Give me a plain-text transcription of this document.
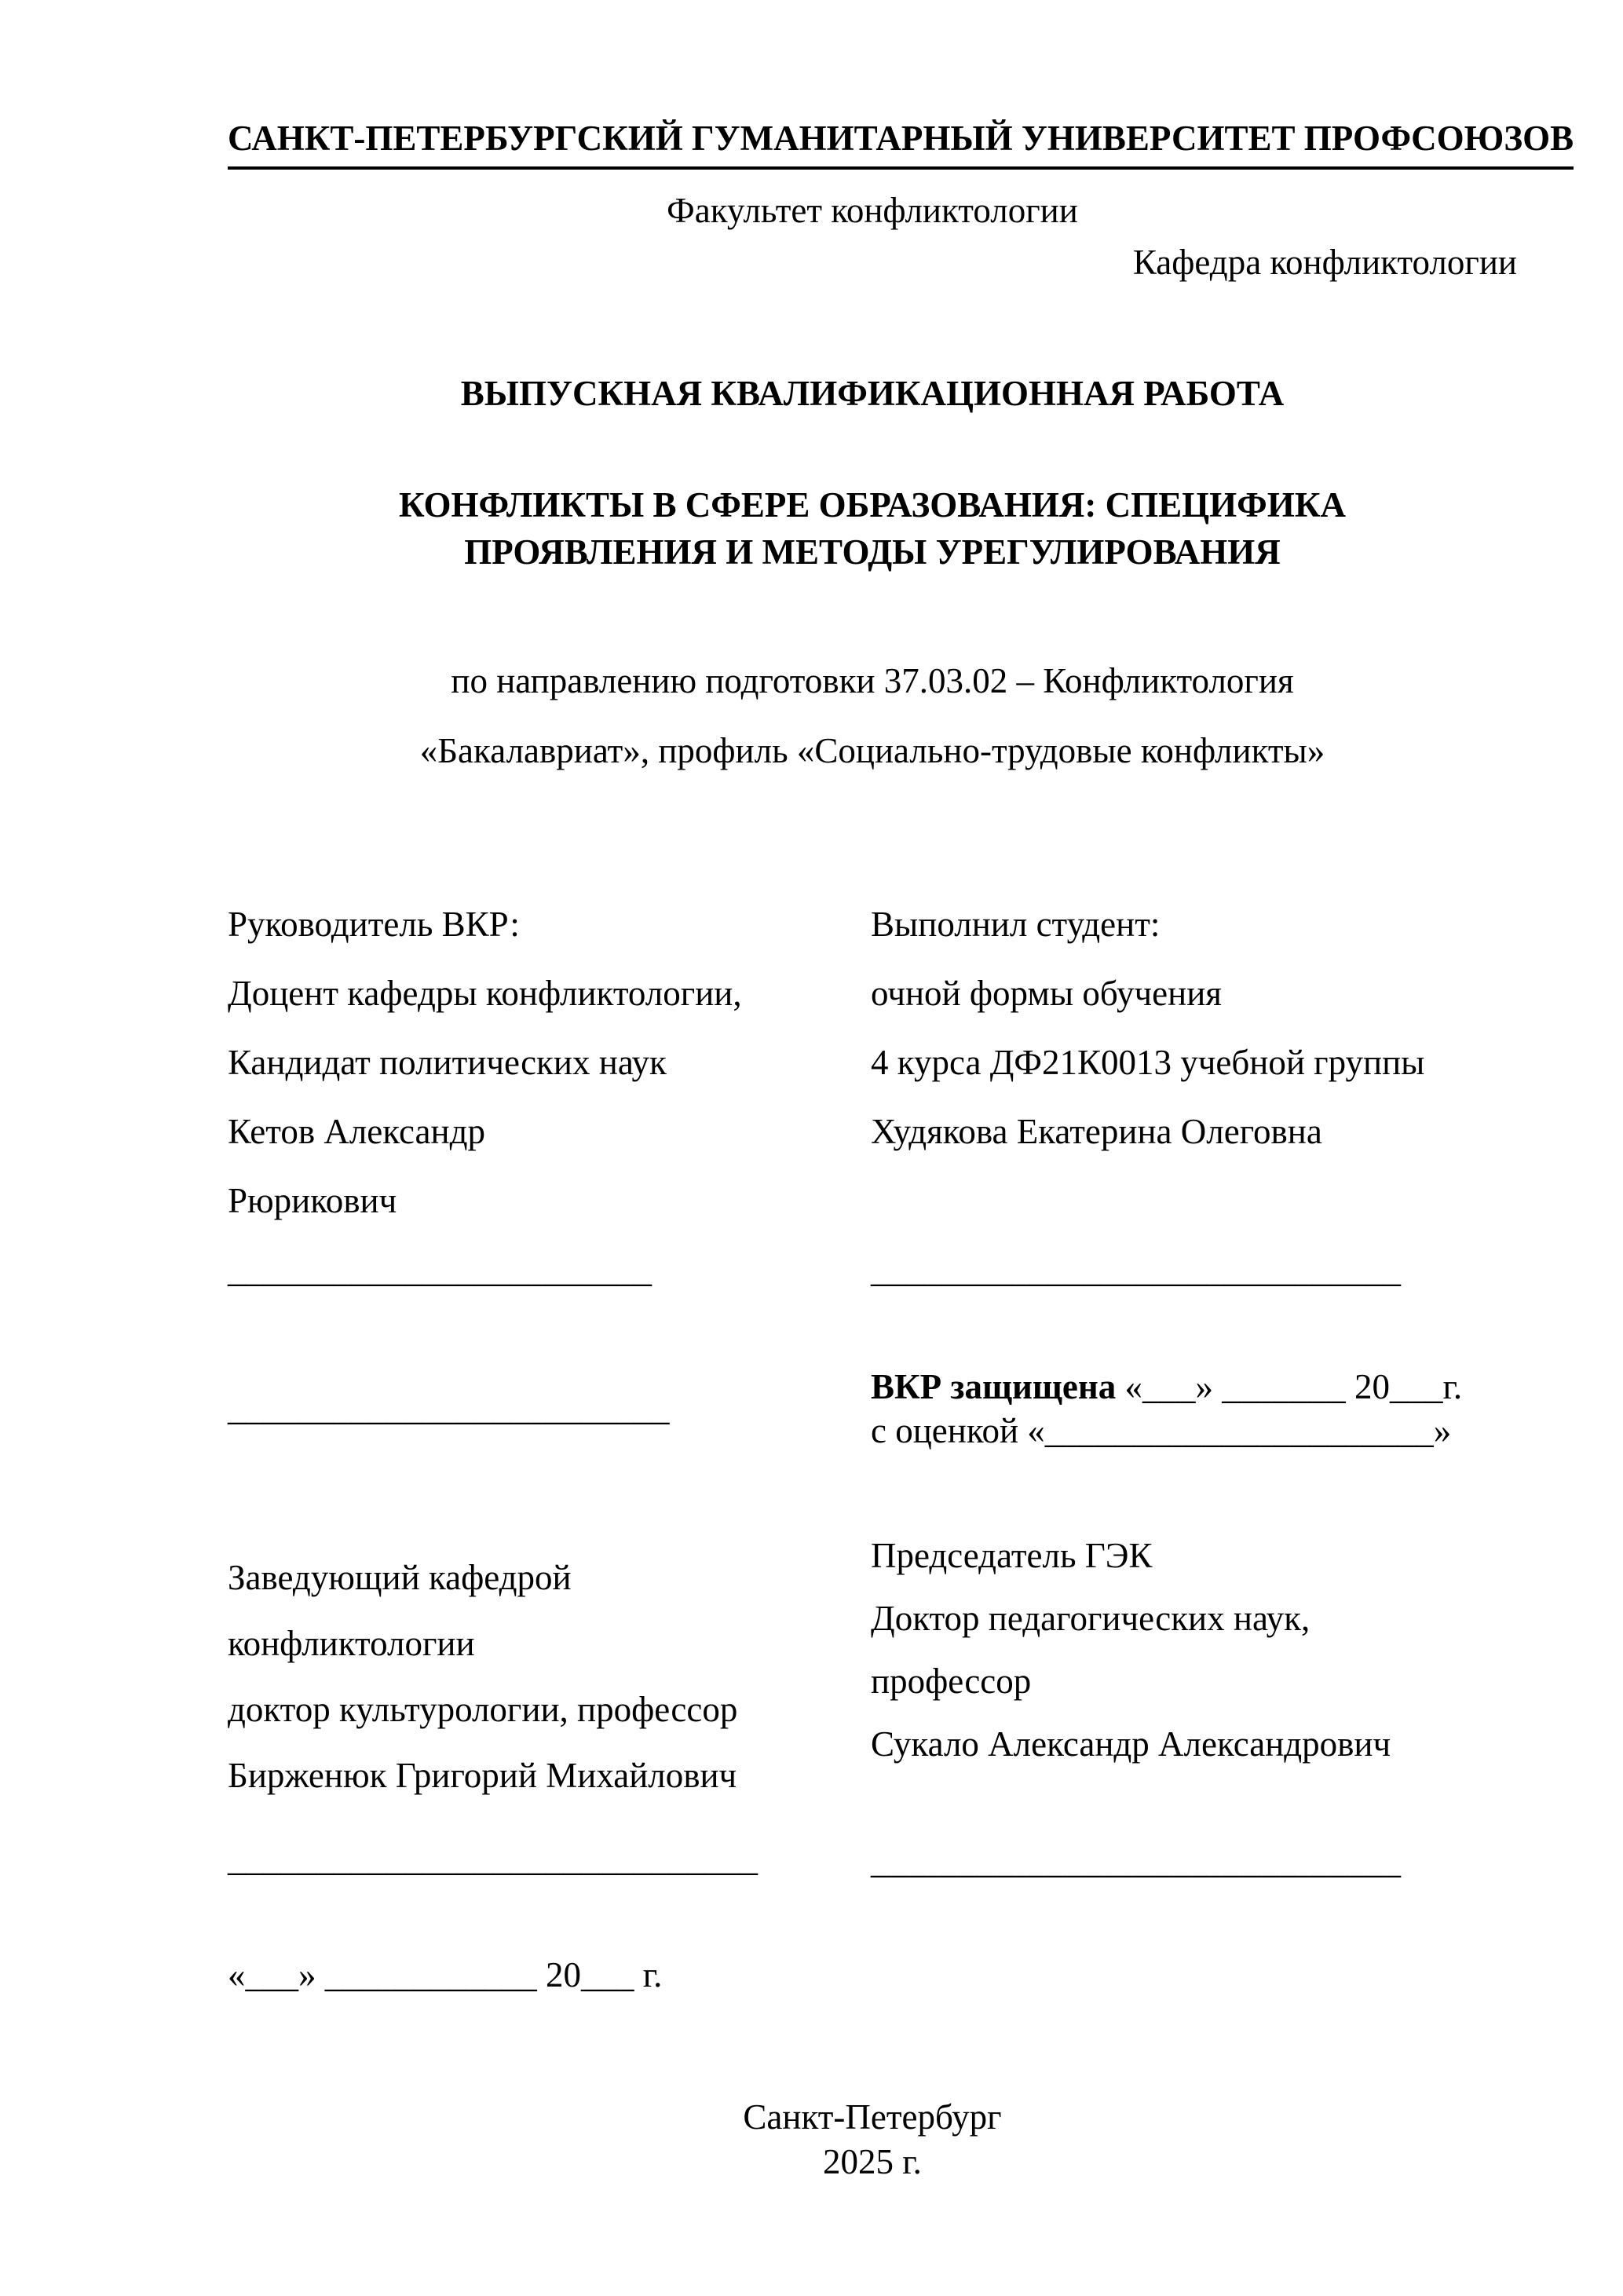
САНКТ-ПЕТЕРБУРГСКИЙ ГУМАНИТАРНЫЙ УНИВЕРСИТЕТ ПРОФСОЮЗОВ
Факультет конфликтологии
Кафедра конфликтологии
ВЫПУСКНАЯ КВАЛИФИКАЦИОННАЯ РАБОТА
КОНФЛИКТЫ В СФЕРЕ ОБРАЗОВАНИЯ: СПЕЦИФИКА
ПРОЯВЛЕНИЯ И МЕТОДЫ УРЕГУЛИРОВАНИЯ
по направлению подготовки 37.03.02 – Конфликтология
«Бакалавриат», профиль «Социально-трудовые конфликты»
Руководитель ВКР:
Доцент кафедры конфликтологии,
Кандидат политических наук
Кетов Александр
Рюрикович
________________________
_________________________
Заведующий кафедрой
конфликтологии
доктор культурологии, профессор
Бирженюк Григорий Михайлович
______________________________
Выполнил студент:
очной формы обучения
4 курса ДФ21К0013 учебной группы
Худякова Екатерина Олеговна
______________________________
ВКР защищена «___» _______ 20___г.
с оценкой «______________________»
Председатель ГЭК
Доктор педагогических наук,
профессор
Сукало Александр Александрович
______________________________
«___» ____________ 20___ г.
Санкт-Петербург
2025 г.
